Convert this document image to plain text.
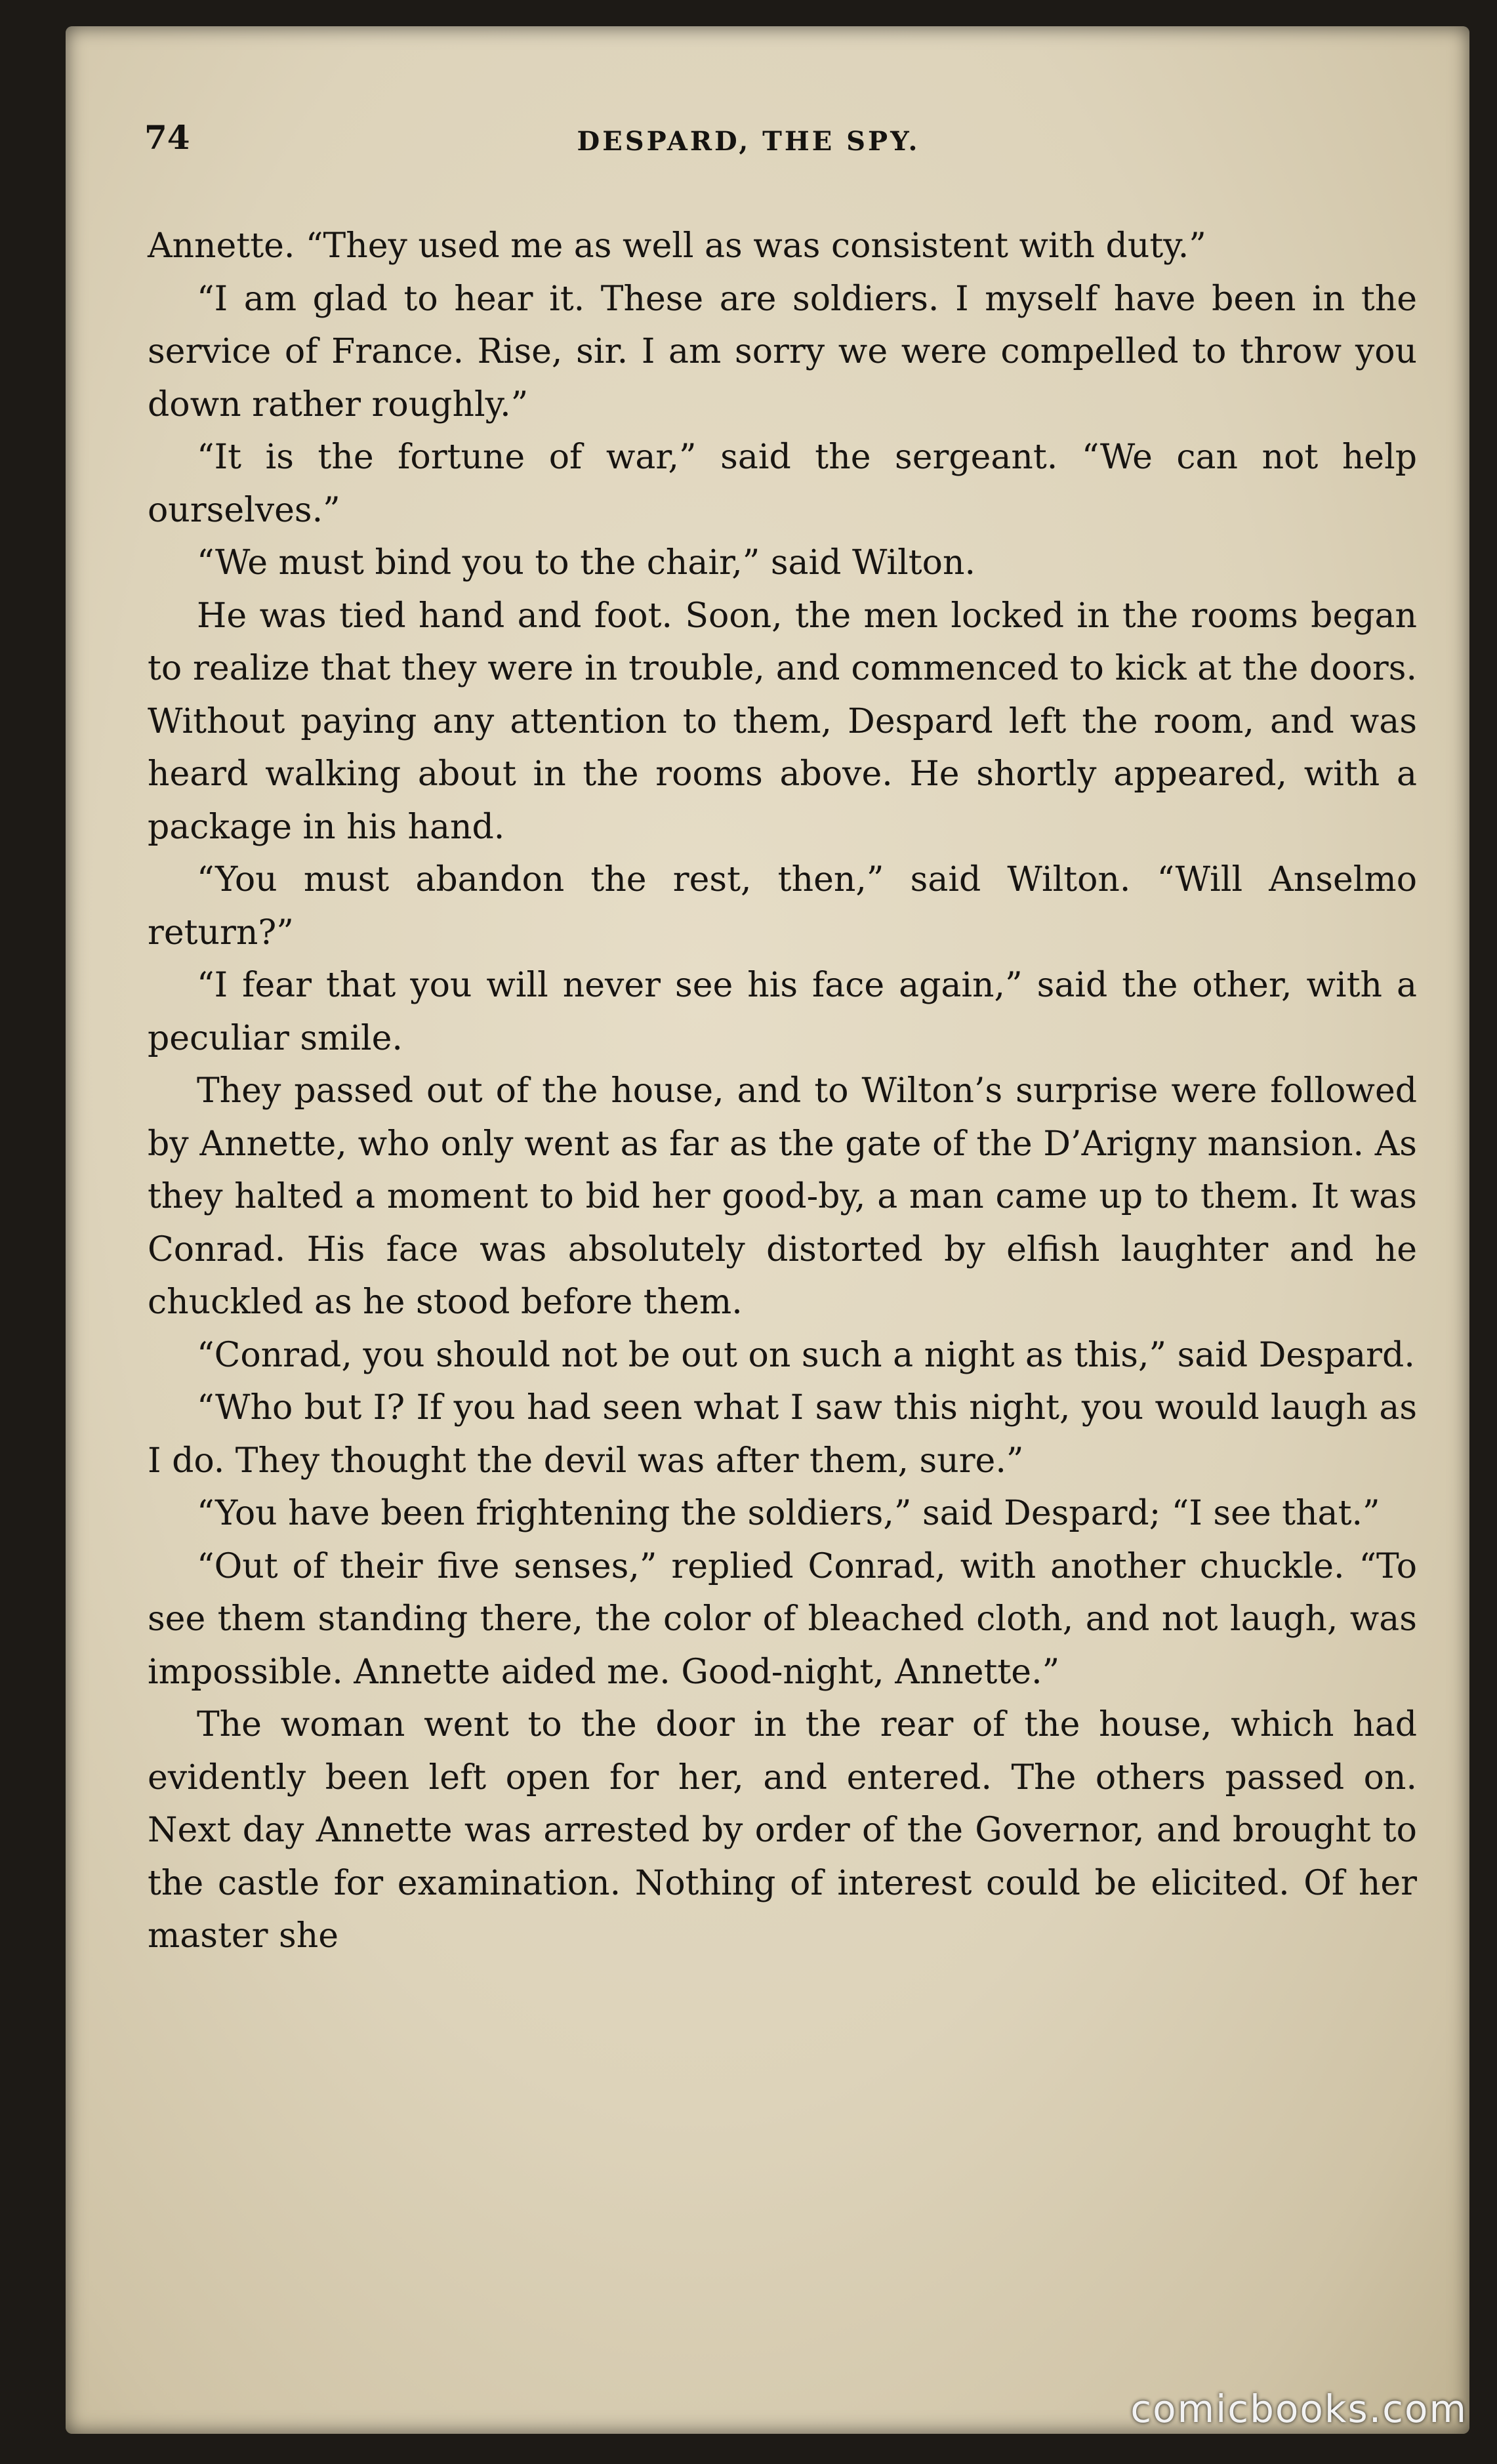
74	DESPARD, THE SPY.

Annette. “They used me as well as was consistent with duty.”

“I am glad to hear it. These are soldiers. I myself have been in the service of France. Rise, sir. I am sorry we were compelled to throw you down rather roughly.”

“It is the fortune of war,” said the sergeant. “We can not help ourselves.”

“We must bind you to the chair,” said Wilton.

He was tied hand and foot. Soon, the men locked in the rooms began to realize that they were in trouble, and commenced to kick at the doors. Without paying any attention to them, Despard left the room, and was heard walking about in the rooms above. He shortly appeared, with a package in his hand.

“You must abandon the rest, then,” said Wilton. “Will Anselmo return?”

“I fear that you will never see his face again,” said the other, with a peculiar smile.

They passed out of the house, and to Wilton’s surprise were followed by Annette, who only went as far as the gate of the D’Arigny mansion. As they halted a moment to bid her good-by, a man came up to them. It was Conrad. His face was absolutely distorted by elfish laughter and he chuckled as he stood before them.

“Conrad, you should not be out on such a night as this,” said Despard.

“Who but I? If you had seen what I saw this night, you would laugh as I do. They thought the devil was after them, sure.”

“You have been frightening the soldiers,” said Despard; “I see that.”

“Out of their five senses,” replied Conrad, with another chuckle. “To see them standing there, the color of bleached cloth, and not laugh, was impossible. Annette aided me. Good-night, Annette.”

The woman went to the door in the rear of the house, which had evidently been left open for her, and entered. The others passed on. Next day Annette was arrested by order of the Governor, and brought to the castle for examination. Nothing of interest could be elicited. Of her master she

comicbooks.com
